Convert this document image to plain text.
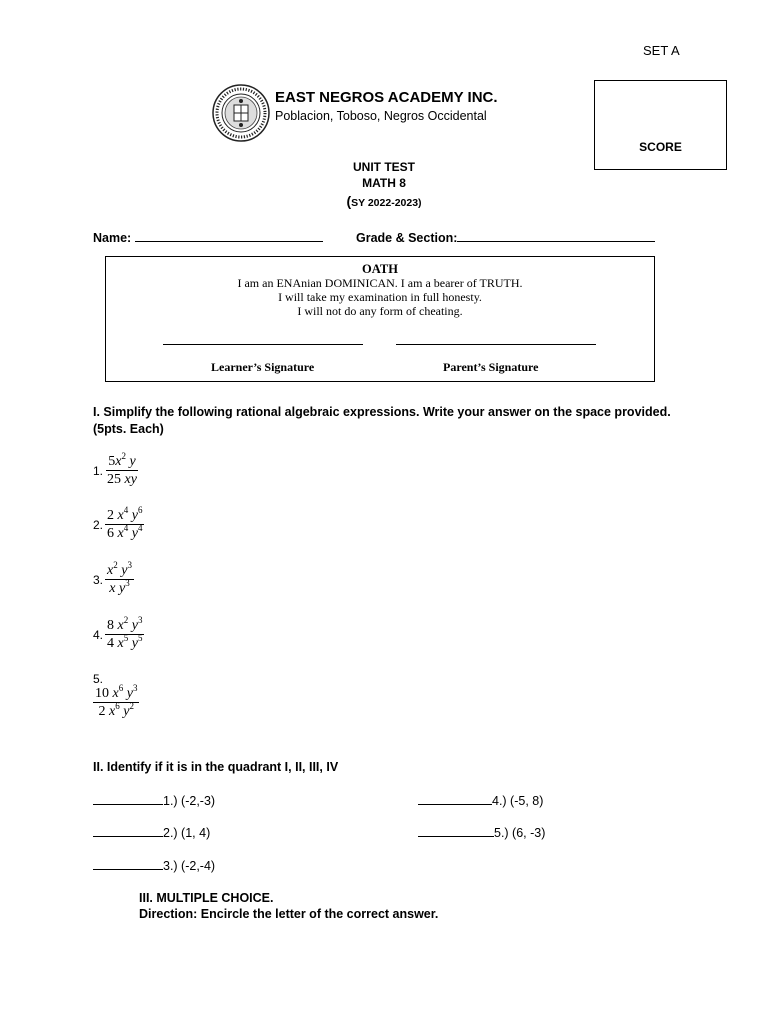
SET A
SCORE
EAST NEGROS ACADEMY INC.
Poblacion, Toboso, Negros Occidental
UNIT TEST
MATH 8
(SY 2022-2023)
Name:	Grade & Section:
OATH
I am an ENAnian DOMINICAN. I am a bearer of TRUTH.
I will take my examination in full honesty.
I will not do any form of cheating.
Learner’s Signature	Parent’s Signature
I. Simplify the following rational algebraic expressions. Write your answer on the space provided.
(5pts. Each)
1. $\frac{5x^2 y}{25 xy}$
2. $\frac{2 x^4 y^6}{6 x^4 y^4}$
3. $\frac{x^2 y^3}{x y^3}$
4. $\frac{8 x^2 y^3}{4 x^5 y^5}$
5.
$\frac{10 x^6 y^3}{2 x^6 y^2}$
II. Identify if it is in the quadrant I, II, III, IV
1.) (-2,-3)
2.) (1, 4)
3.) (-2,-4)
4.) (-5, 8)
5.) (6, -3)
III. MULTIPLE CHOICE.
Direction: Encircle the letter of the correct answer.
